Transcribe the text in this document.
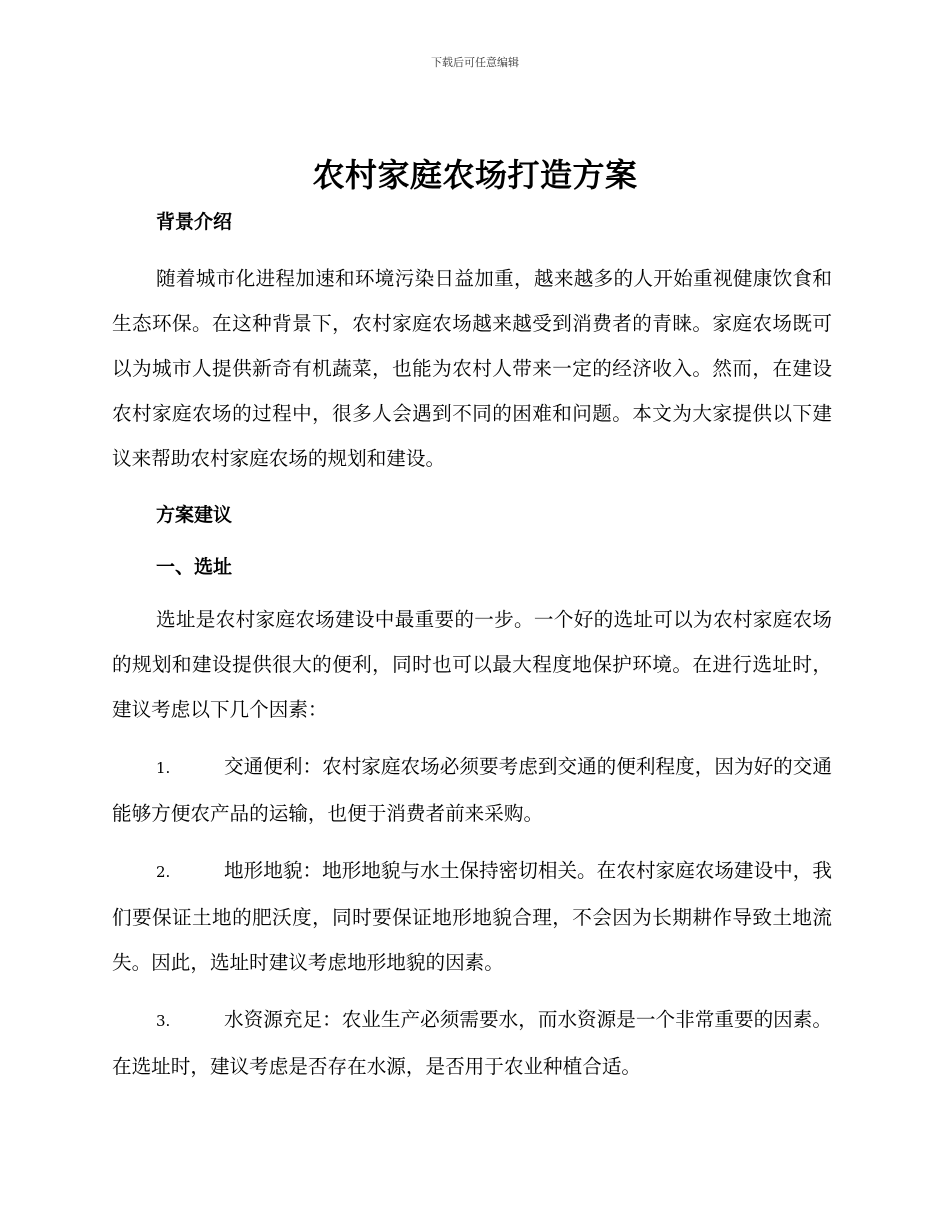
下载后可任意编辑
农村家庭农场打造方案

背景介绍

随着城市化进程加速和环境污染日益加重，越来越多的人开始重视健康饮食和生态环保。在这种背景下，农村家庭农场越来越受到消费者的青睐。家庭农场既可以为城市人提供新奇有机蔬菜，也能为农村人带来一定的经济收入。然而，在建设农村家庭农场的过程中，很多人会遇到不同的困难和问题。本文为大家提供以下建议来帮助农村家庭农场的规划和建设。

方案建议

一、选址

选址是农村家庭农场建设中最重要的一步。一个好的选址可以为农村家庭农场的规划和建设提供很大的便利，同时也可以最大程度地保护环境。在进行选址时，建议考虑以下几个因素：

1.	交通便利：农村家庭农场必须要考虑到交通的便利程度，因为好的交通能够方便农产品的运输，也便于消费者前来采购。

2.	地形地貌：地形地貌与水土保持密切相关。在农村家庭农场建设中，我们要保证土地的肥沃度，同时要保证地形地貌合理，不会因为长期耕作导致土地流失。因此，选址时建议考虑地形地貌的因素。

3.	水资源充足：农业生产必须需要水，而水资源是一个非常重要的因素。在选址时，建议考虑是否存在水源，是否用于农业种植合适。
